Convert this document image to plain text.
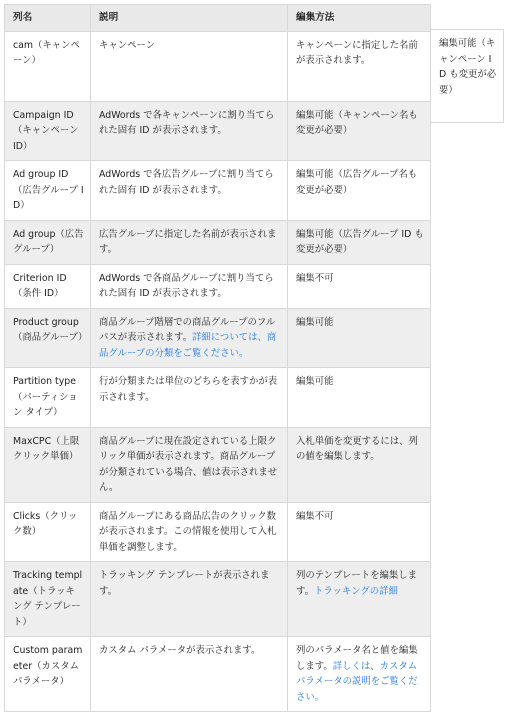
列名	説明	編集方法
cam（キャンペーン）	キャンペーン	キャンペーンに指定した名前が表示されます。
Campaign ID（キャンペーン ID）	AdWords で各キャンペーンに割り当てられた固有 ID が表示されます。	編集可能（キャンペーン名も変更が必要）
Ad group ID（広告グループ ID）	AdWords で各広告グループに割り当てられた固有 ID が表示されます。	編集可能（広告グループ名も変更が必要）
Ad group（広告グループ）	広告グループに指定した名前が表示されます。	編集可能（広告グループ ID も変更が必要）
Criterion ID（条件 ID）	AdWords で各商品グループに割り当てられた固有 ID が表示されます。	編集不可
Product group（商品グループ）	商品グループ階層での商品グループのフルパスが表示されます。詳細については、商品グループの分類をご覧ください。	編集可能
Partition type（パーティション タイプ）	行が分類または単位のどちらを表すかが表示されます。	編集可能
MaxCPC（上限クリック単価）	商品グループに現在設定されている上限クリック単価が表示されます。商品グループが分類されている場合、値は表示されません。	入札単価を変更するには、列の値を編集します。
Clicks（クリック数）	商品グループにある商品広告のクリック数が表示されます。この情報を使用して入札単価を調整します。	編集不可
Tracking template（トラッキング テンプレート）	トラッキング テンプレートが表示されます。	列のテンプレートを編集します。トラッキングの詳細
Custom parameter（カスタム パラメータ）	カスタム パラメータが表示されます。	列のパラメータ名と値を編集します。詳しくは、カスタム パラメータの説明をご覧ください。
編集可能（キャンペーン ID も変更が必要）
